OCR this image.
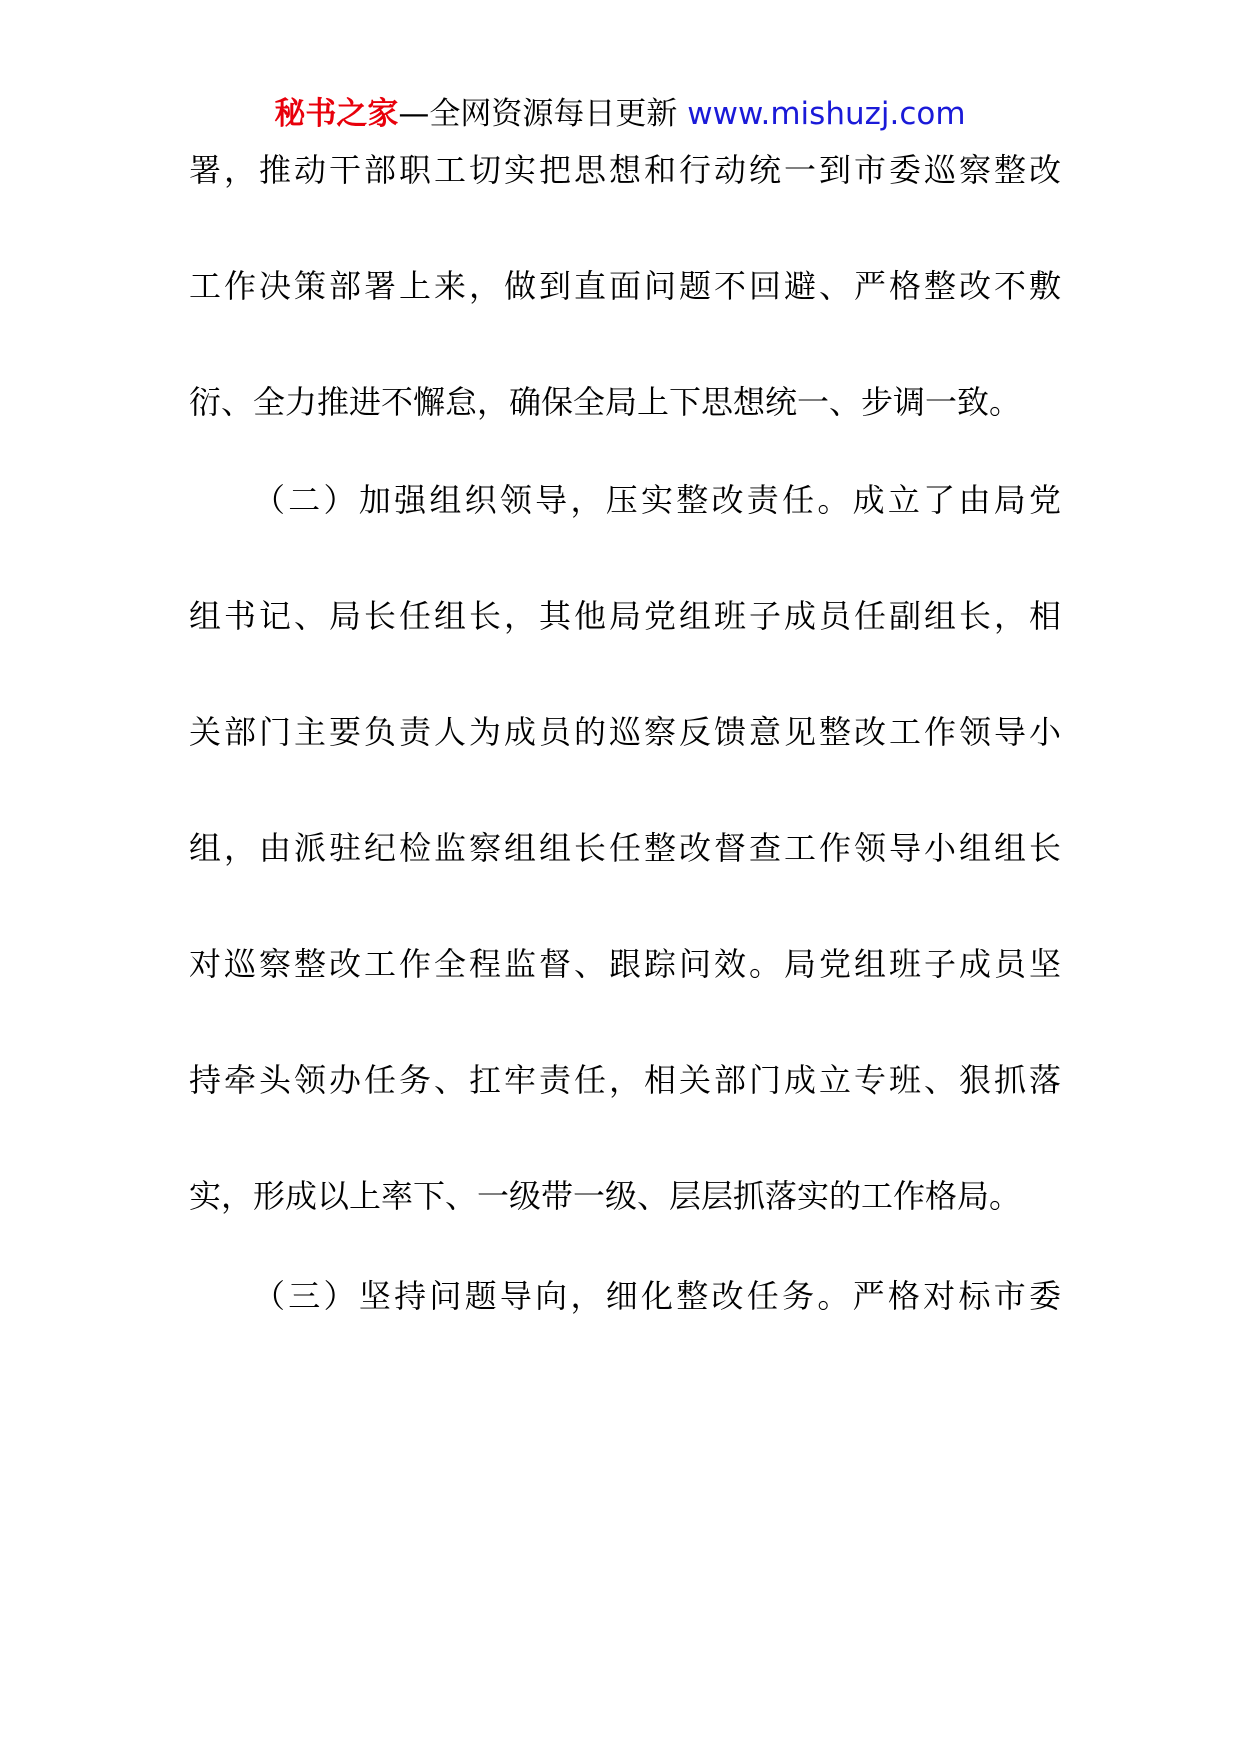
秘书之家—全网资源每日更新 www.mishuzj.com
署，推动干部职工切实把思想和行动统一到市委巡察整改
工作决策部署上来，做到直面问题不回避、严格整改不敷
衍、全力推进不懈怠，确保全局上下思想统一、步调一致。
（二）加强组织领导，压实整改责任。成立了由局党
组书记、局长任组长，其他局党组班子成员任副组长，相
关部门主要负责人为成员的巡察反馈意见整改工作领导小
组，由派驻纪检监察组组长任整改督查工作领导小组组长
对巡察整改工作全程监督、跟踪问效。局党组班子成员坚
持牵头领办任务、扛牢责任，相关部门成立专班、狠抓落
实，形成以上率下、一级带一级、层层抓落实的工作格局。
（三）坚持问题导向，细化整改任务。严格对标市委
